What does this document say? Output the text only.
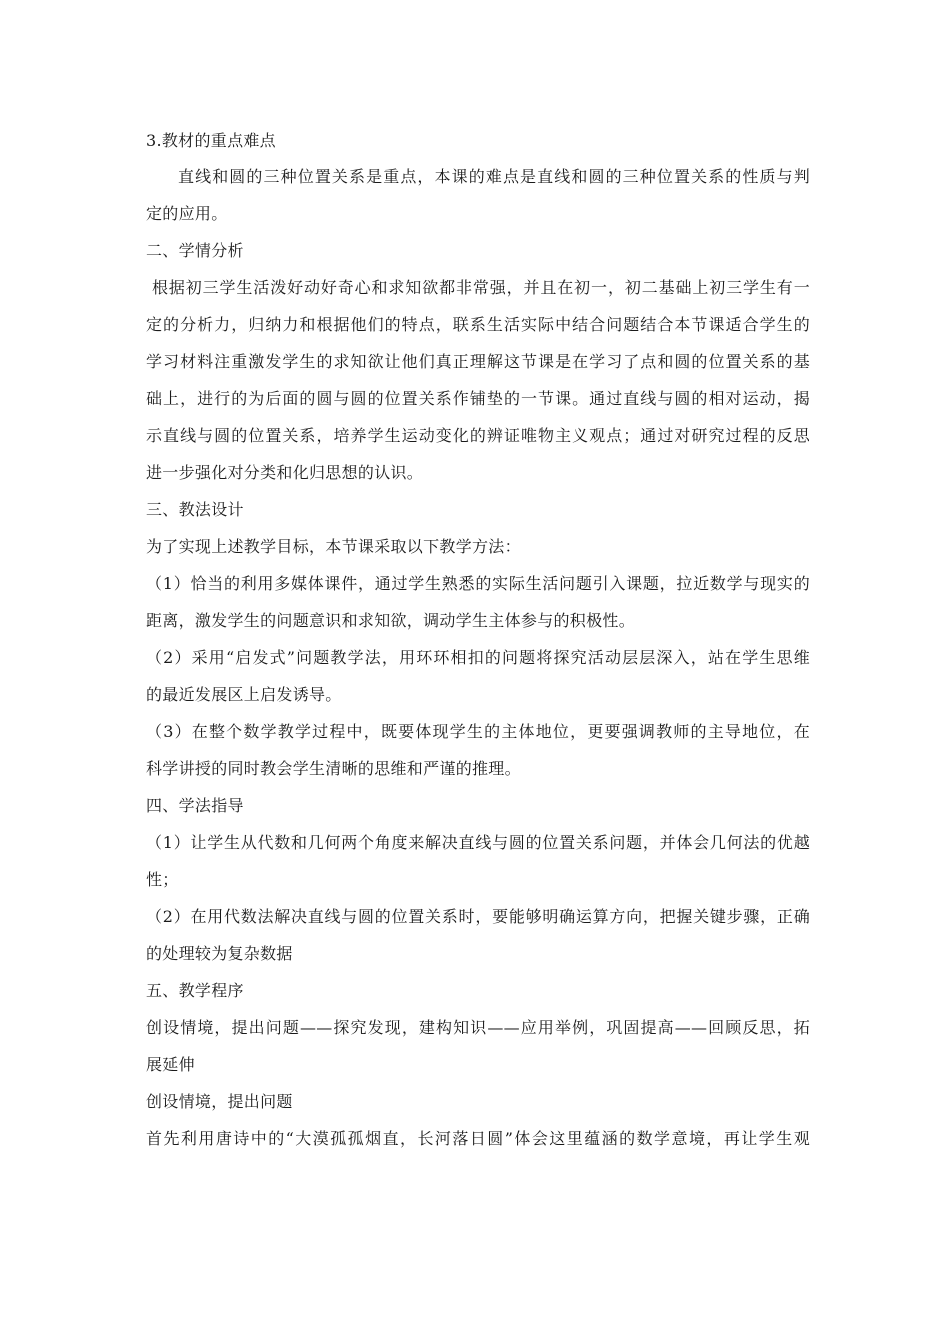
3.教材的重点难点
直线和圆的三种位置关系是重点，本课的难点是直线和圆的三种位置关系的性质与判
定的应用。
二、学情分析
根据初三学生活泼好动好奇心和求知欲都非常强，并且在初一，初二基础上初三学生有一
定的分析力，归纳力和根据他们的特点，联系生活实际中结合问题结合本节课适合学生的
学习材料注重激发学生的求知欲让他们真正理解这节课是在学习了点和圆的位置关系的基
础上，进行的为后面的圆与圆的位置关系作铺垫的一节课。通过直线与圆的相对运动，揭
示直线与圆的位置关系，培养学生运动变化的辨证唯物主义观点；通过对研究过程的反思
进一步强化对分类和化归思想的认识。
三、教法设计
为了实现上述教学目标，本节课采取以下教学方法：
（1）恰当的利用多媒体课件，通过学生熟悉的实际生活问题引入课题，拉近数学与现实的
距离，激发学生的问题意识和求知欲，调动学生主体参与的积极性。
（2）采用“启发式”问题教学法，用环环相扣的问题将探究活动层层深入，站在学生思维
的最近发展区上启发诱导。
（3）在整个数学教学过程中，既要体现学生的主体地位，更要强调教师的主导地位，在
科学讲授的同时教会学生清晰的思维和严谨的推理。
四、学法指导
（1）让学生从代数和几何两个角度来解决直线与圆的位置关系问题，并体会几何法的优越
性；
（2）在用代数法解决直线与圆的位置关系时，要能够明确运算方向，把握关键步骤，正确
的处理较为复杂数据
五、教学程序
创设情境，提出问题——探究发现，建构知识——应用举例，巩固提高——回顾反思，拓
展延伸
创设情境，提出问题
首先利用唐诗中的“大漠孤孤烟直，长河落日圆”体会这里蕴涵的数学意境，再让学生观
